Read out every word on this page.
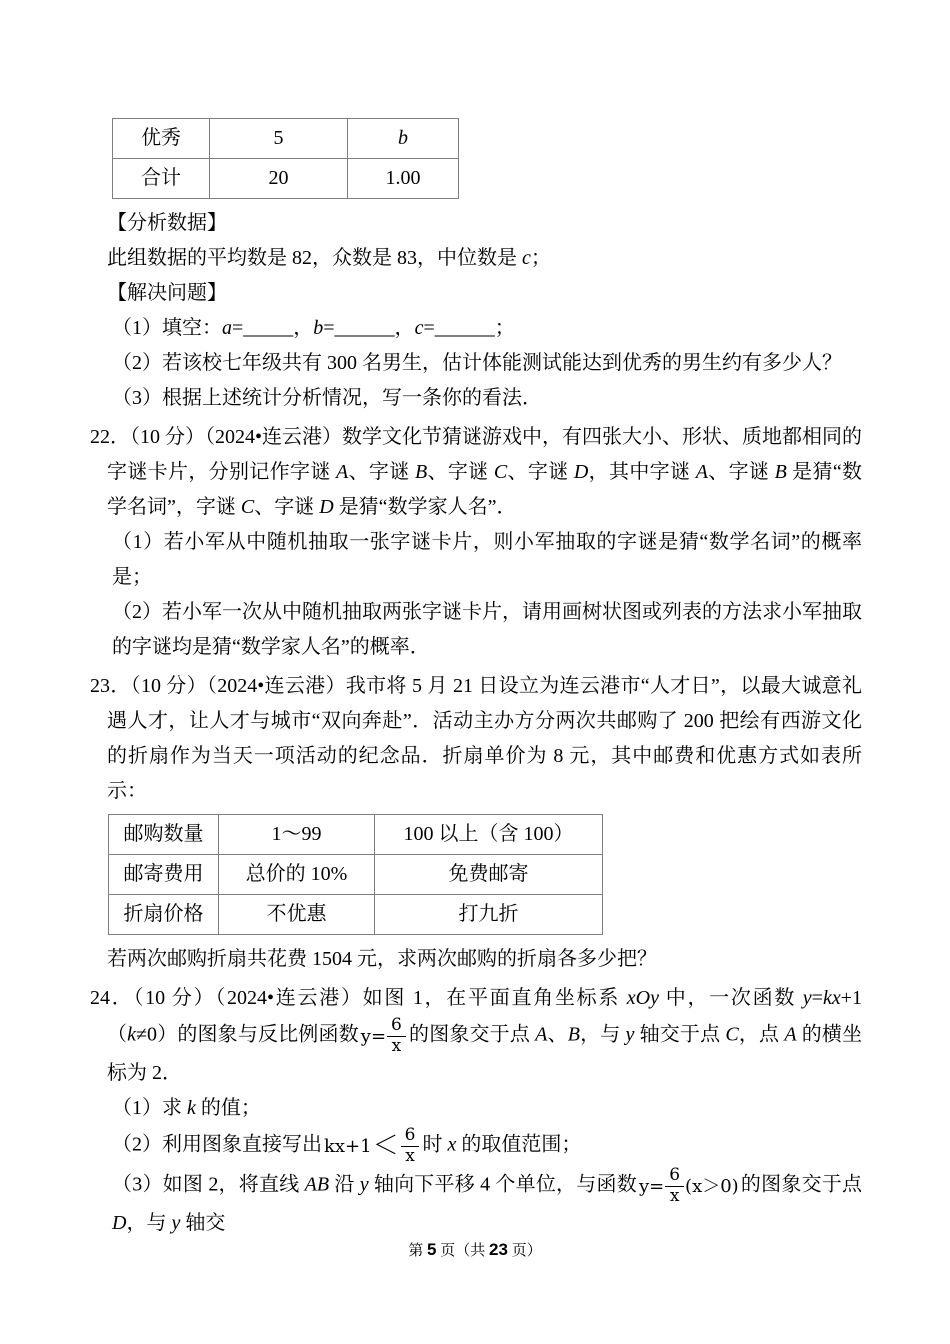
优秀	5	b
合计	20	1.00

【分析数据】

此组数据的平均数是 82，众数是 83，中位数是 c；

【解决问题】

（1）填空：a=_____，b=______，c=______；

（2）若该校七年级共有 300 名男生，估计体能测试能达到优秀的男生约有多少人？

（3）根据上述统计分析情况，写一条你的看法．

22．（10 分）（2024•连云港）数学文化节猜谜游戏中，有四张大小、形状、质地都相同的字谜卡片，分别记作字谜 A、字谜 B、字谜 C、字谜 D，其中字谜 A、字谜 B 是猜“数学名词”，字谜 C、字谜 D 是猜“数学家人名”．

（1）若小军从中随机抽取一张字谜卡片，则小军抽取的字谜是猜“数学名词”的概率是；

（2）若小军一次从中随机抽取两张字谜卡片，请用画树状图或列表的方法求小军抽取的字谜均是猜“数学家人名”的概率．

23．（10 分）（2024•连云港）我市将 5 月 21 日设立为连云港市“人才日”，以最大诚意礼遇人才，让人才与城市“双向奔赴”．活动主办方分两次共邮购了 200 把绘有西游文化的折扇作为当天一项活动的纪念品．折扇单价为 8 元，其中邮费和优惠方式如表所示：

邮购数量	1～99	100 以上（含 100）
邮寄费用	总价的 10%	免费邮寄
折扇价格	不优惠	打九折

若两次邮购折扇共花费 1504 元，求两次邮购的折扇各多少把？

24．（10 分）（2024•连云港）如图 1，在平面直角坐标系 xOy 中，一次函数 y=kx+1（k≠0）的图象与反比例函数 $y= \frac{6}{x}$ 的图象交于点 A、B，与 y 轴交于点 C，点 A 的横坐标为 2．

（1）求 k 的值；

（2）利用图象直接写出 $kx+1 < \frac{6}{x}$ 时 x 的取值范围；

（3）如图 2，将直线 AB 沿 y 轴向下平移 4 个单位，与函数 $y= \frac{6}{x} (x>0)$ 的图象交于点 D，与 y 轴交

第 5 页（共 23 页）
